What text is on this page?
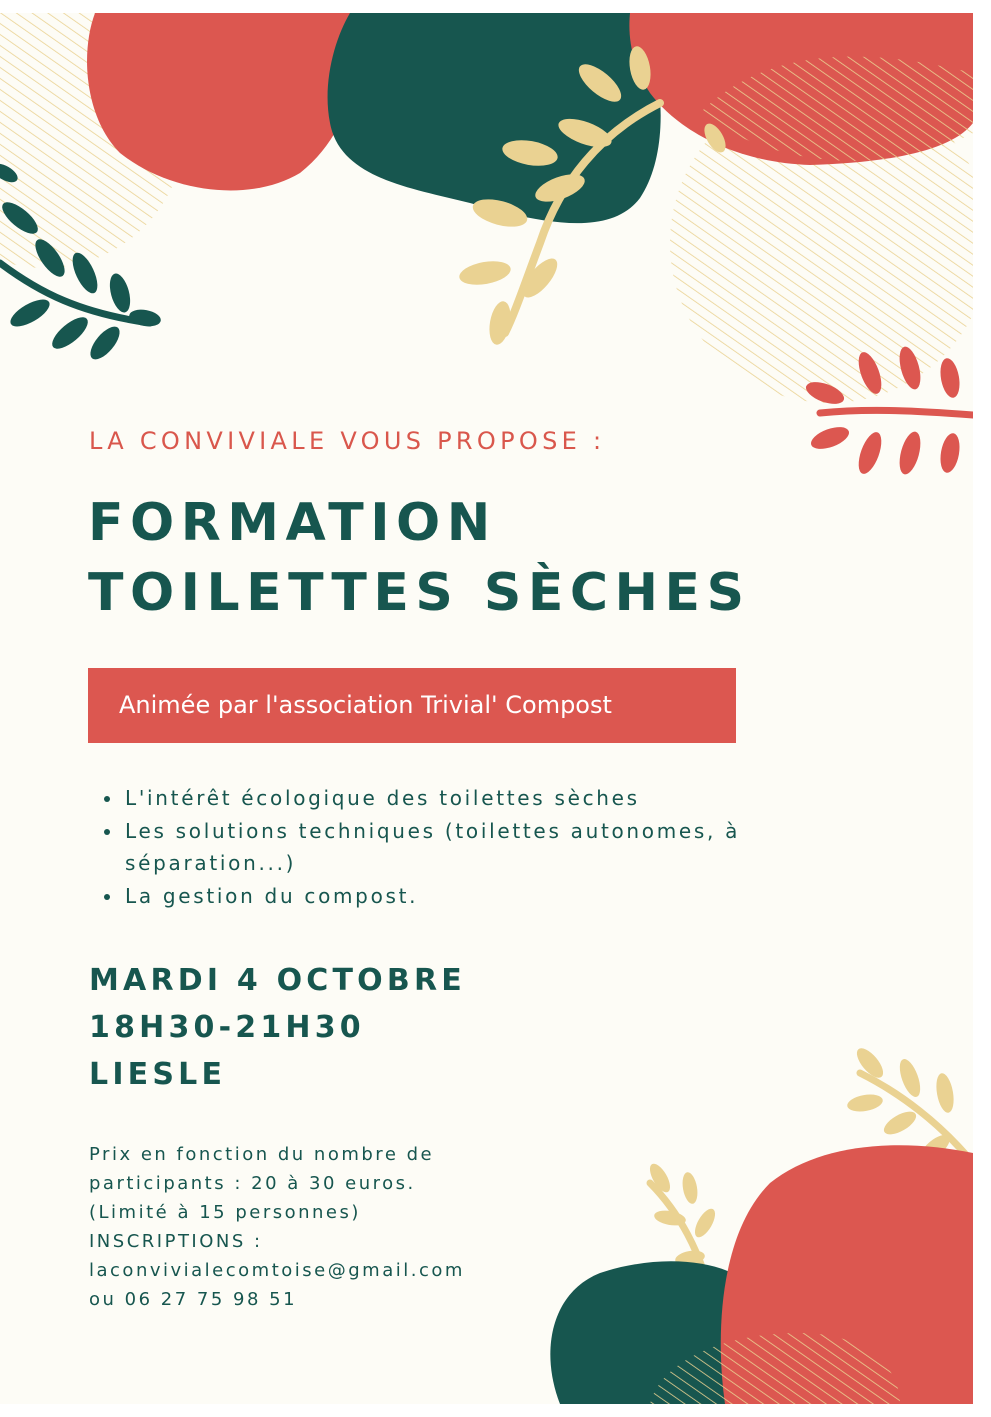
LA CONVIVIALE VOUS PROPOSE :

FORMATION
TOILETTES SÈCHES
Animée par l'association Trivial' Compost
L'intérêt écologique des toilettes sèches
Les solutions techniques (toilettes autonomes, à séparation...)
La gestion du compost.

MARDI 4 OCTOBRE
18H30-21H30
LIESLE

Prix en fonction du nombre de
participants : 20 à 30 euros.
(Limité à 15 personnes)
INSCRIPTIONS :
laconvivialecomtoise@gmail.com
ou 06 27 75 98 51
